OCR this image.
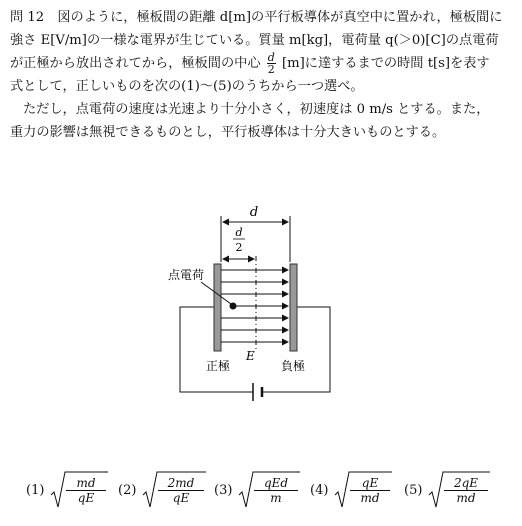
問 12　図のように，極板間の距離 d[m]の平行板導体が真空中に置かれ，極板間に
強さ E[V/m]の一様な電界が生じている。質量 m[kg]，電荷量 q(＞0)[C]の点電荷
が正極から放出されてから，極板間の中心 $\frac{d}{2} [m]$に達するまでの時間 t[s]を表す
式として，正しいものを次の(1)～(5)のうちから一つ選べ。
ただし，点電荷の速度は光速より十分小さく，初速度は 0 m/s とする。また，
重力の影響は無視できるものとし，平行板導体は十分大きいものとする。
d
d
2
点電荷
E
正極	負極
$(1) \frac{md}{qE} (2) \frac{2md}{qE} (3)$	qEd
m	$(4) \frac{qE}{md} (5) \frac{2qE}{md}$
